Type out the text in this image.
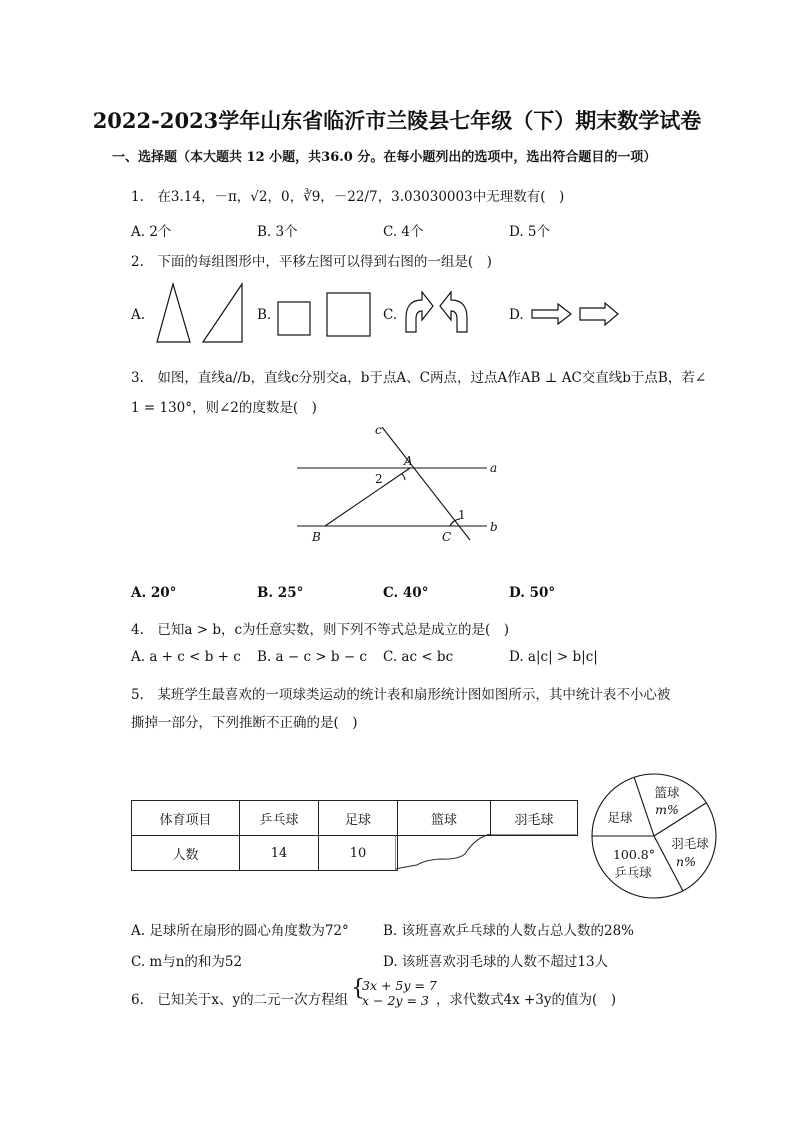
2022-2023学年山东省临沂市兰陵县七年级（下）期末数学试卷
一、选择题（本大题共 12 小题，共36.0 分。在每小题列出的选项中，选出符合题目的一项）
1.　在3.14，－π，√2，0，∛9，－22/7，3.03030003中无理数有(　)
A. 2个	B. 3个	C. 4个	D. 5个
2.　下面的每组图形中，平移左图可以得到右图的一组是(　)
A.	B.	C.	D.
3.　如图，直线a//b，直线c分别交a，b于点A、C两点，过点A作AB ⊥ AC交直线b于点B，若∠
1 = 130°，则∠2的度数是(　)
c
a
b
A
B	C
1
2
A. 20°	B. 25°	C. 40°	D. 50°
4.　已知a > b，c为任意实数，则下列不等式总是成立的是(　)
A. a + c < b + c B. a − c > b − c C. ac < bc	D. a|c| > b|c|
5.　某班学生最喜欢的一项球类运动的统计表和扇形统计图如图所示，其中统计表不小心被
撕掉一部分，下列推断不正确的是(　)
体育项目	乒乓球	足球	篮球	羽毛球
人数	14	10		
足球
篮球
m%
羽毛球
n%
100.8°
乒乓球
A. 足球所在扇形的圆心角度数为72°	B. 该班喜欢乒乓球的人数占总人数的28%
C. m与n的和为52	D. 该班喜欢羽毛球的人数不超过13人
6.　已知关于x、y的二元一次方程组 {
3x + 5y = 7
x − 2y = 3 ，求代数式4x +3y的值为(　)
